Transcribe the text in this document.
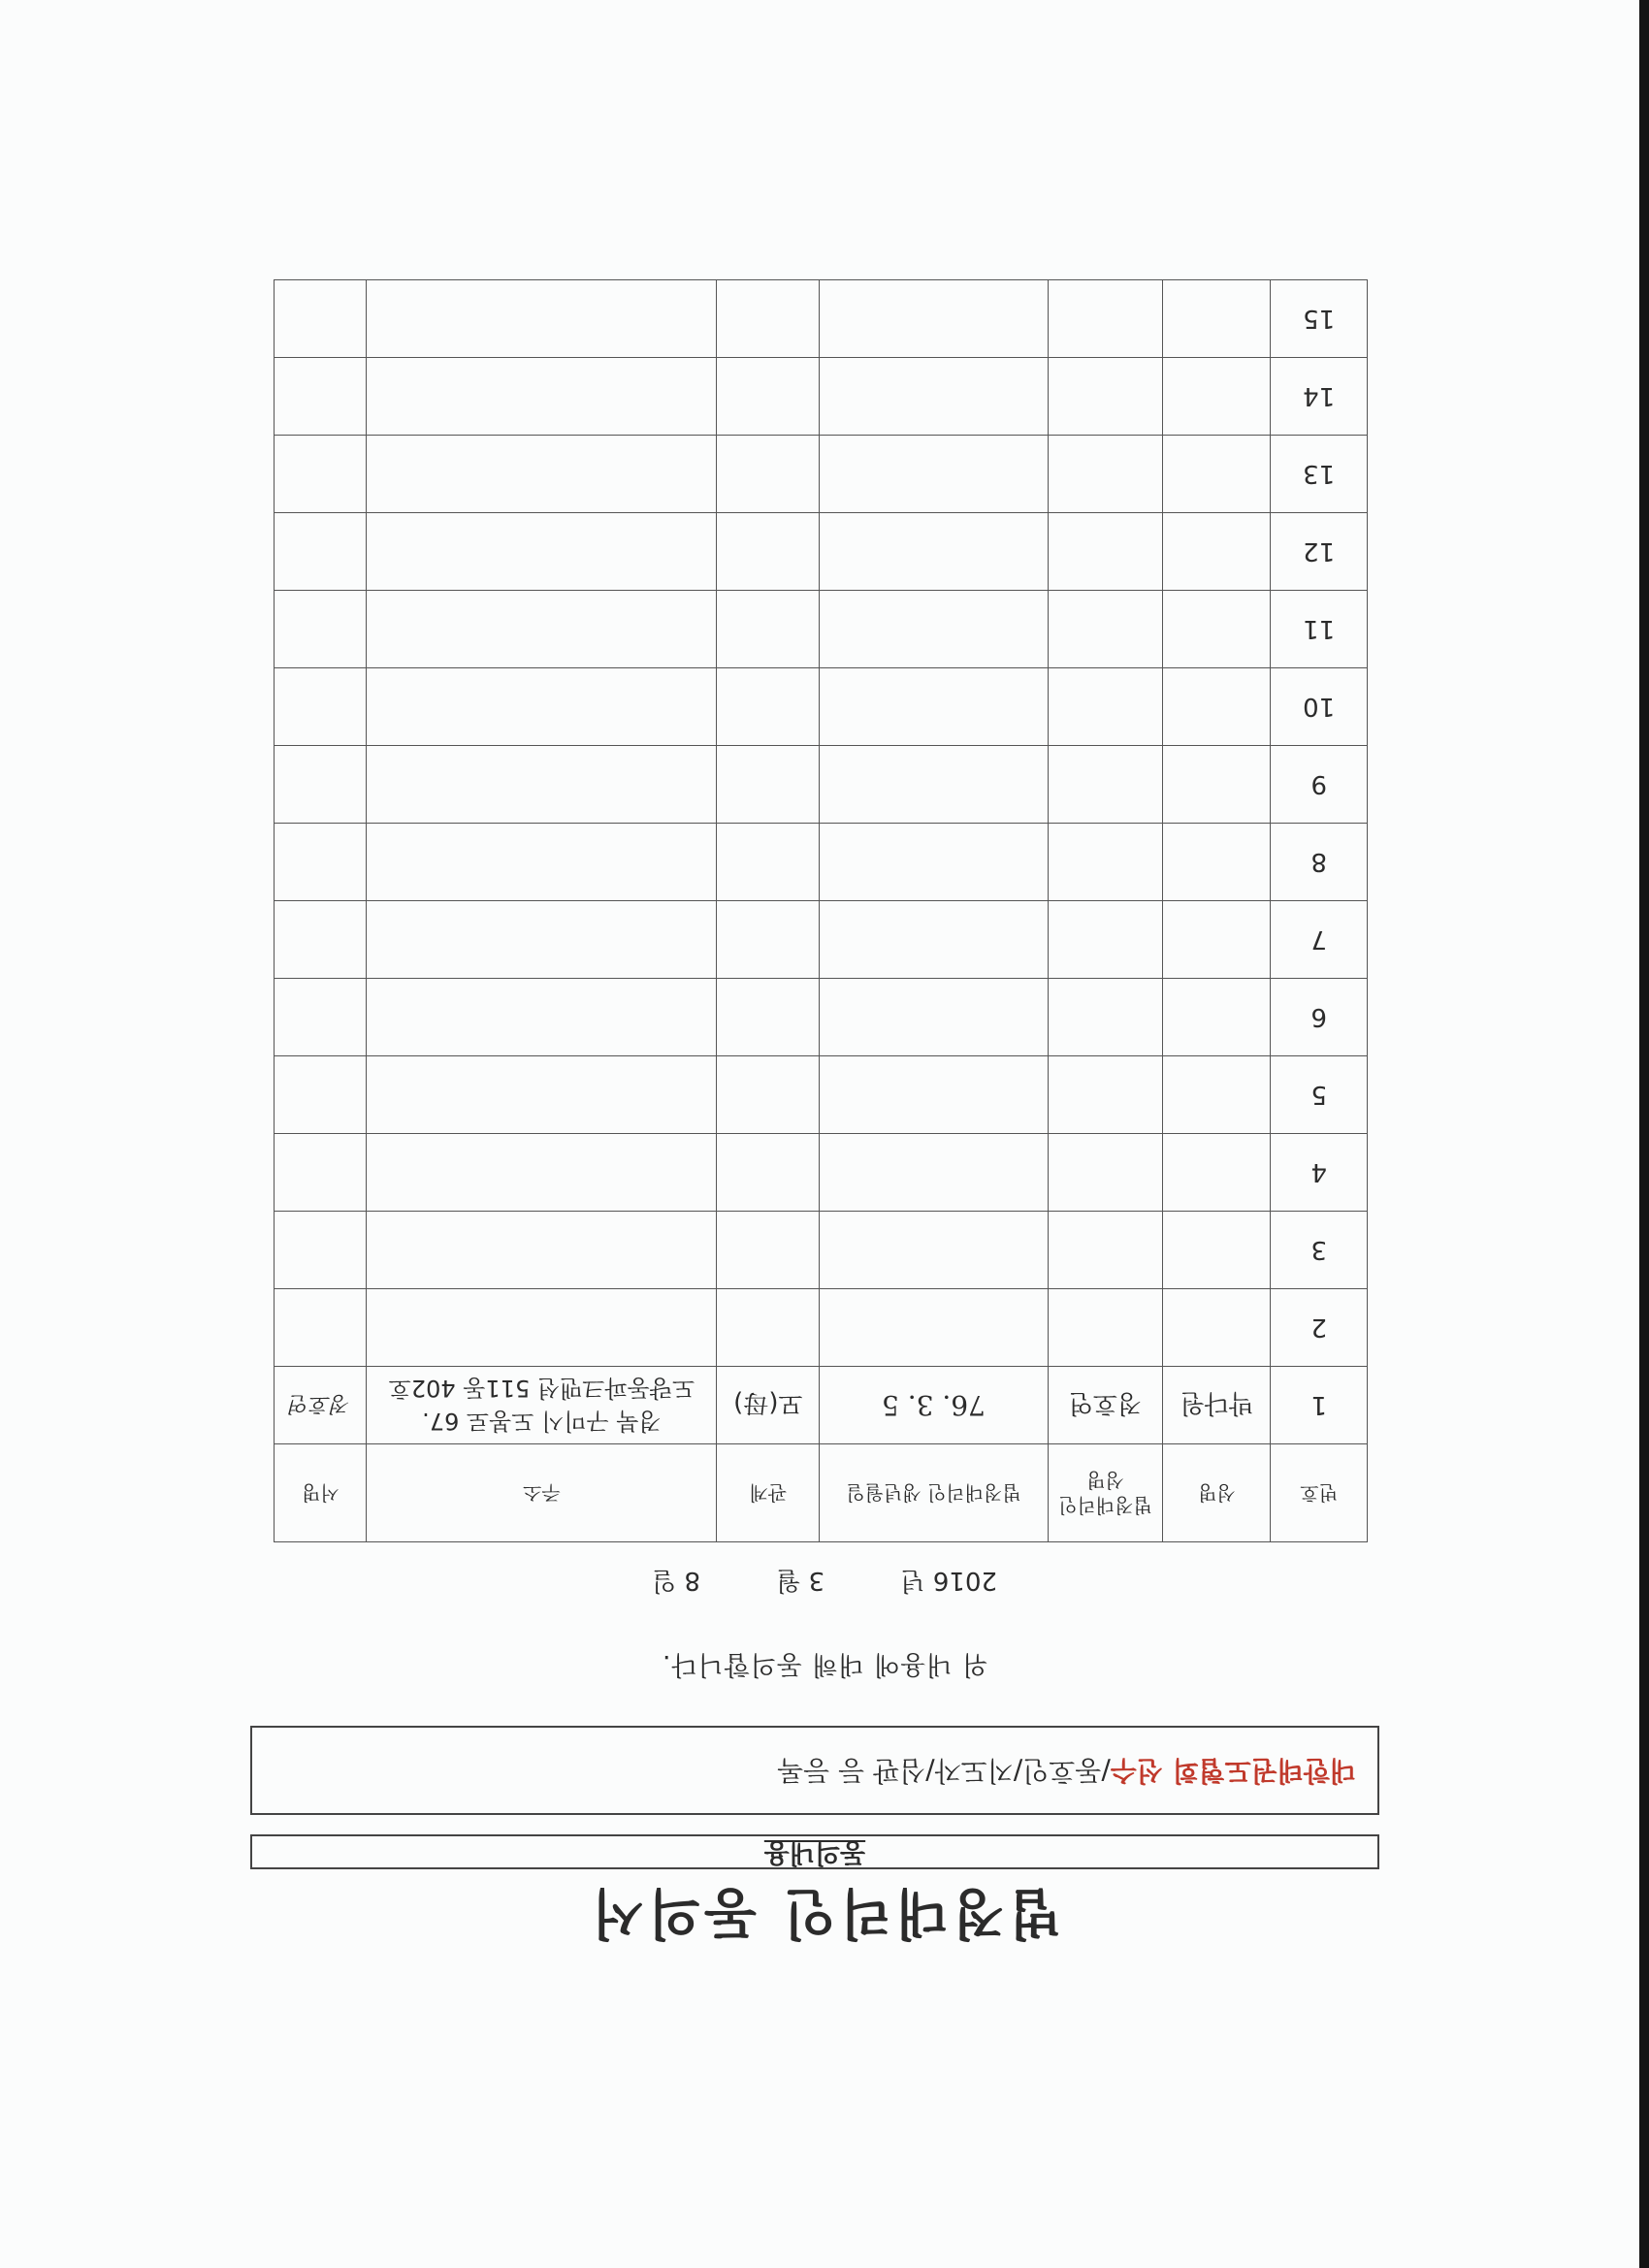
법정대리인 동의서
동의내용
대한태권도협회 선수/동호인/지도자/심판 등 등록
위 내용에 대해 동의합니다.
2016 년 3 월 8 일
번호	성명	법정대리인 성명	법정대리인 생년월일	관계	주소	서명
1	박다원	정호연	76. 3. 5	모(母)	경북 구미시 도봉로 67.
도량동파크맨션 511동 402호	정호연
2						
3						
4						
5						
6						
7						
8						
9						
10						
11						
12						
13						
14						
15						
